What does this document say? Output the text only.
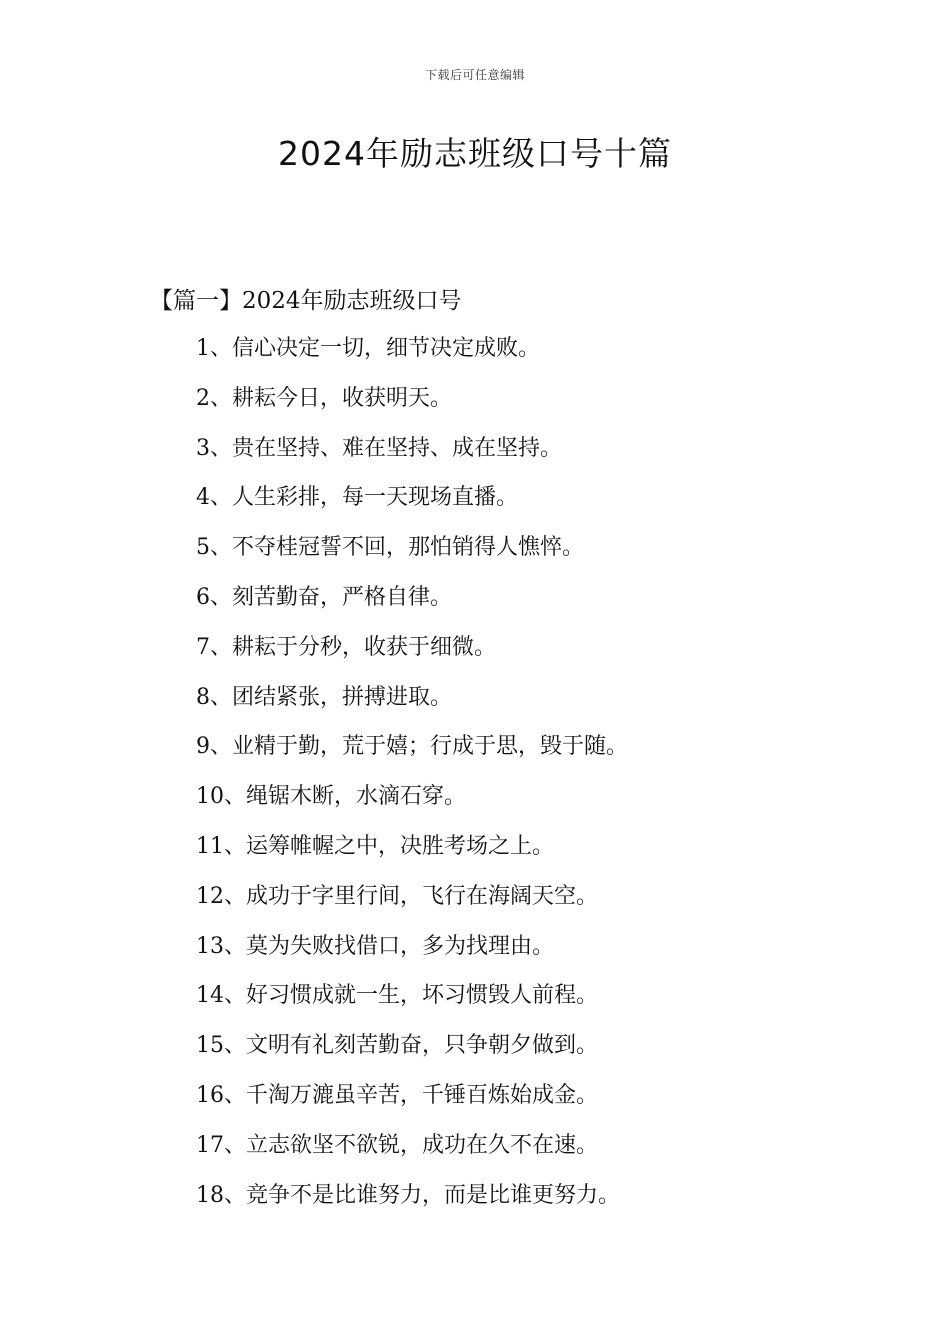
下载后可任意编辑
2024年励志班级口号十篇
【篇一】2024年励志班级口号
1、信心决定一切，细节决定成败。
2、耕耘今日，收获明天。
3、贵在坚持、难在坚持、成在坚持。
4、人生彩排，每一天现场直播。
5、不夺桂冠誓不回，那怕销得人憔悴。
6、刻苦勤奋，严格自律。
7、耕耘于分秒，收获于细微。
8、团结紧张，拼搏进取。
9、业精于勤，荒于嬉；行成于思，毁于随。
10、绳锯木断，水滴石穿。
11、运筹帷幄之中，决胜考场之上。
12、成功于字里行间，飞行在海阔天空。
13、莫为失败找借口，多为找理由。
14、好习惯成就一生，坏习惯毁人前程。
15、文明有礼刻苦勤奋，只争朝夕做到。
16、千淘万漉虽辛苦，千锤百炼始成金。
17、立志欲坚不欲锐，成功在久不在速。
18、竞争不是比谁努力，而是比谁更努力。
